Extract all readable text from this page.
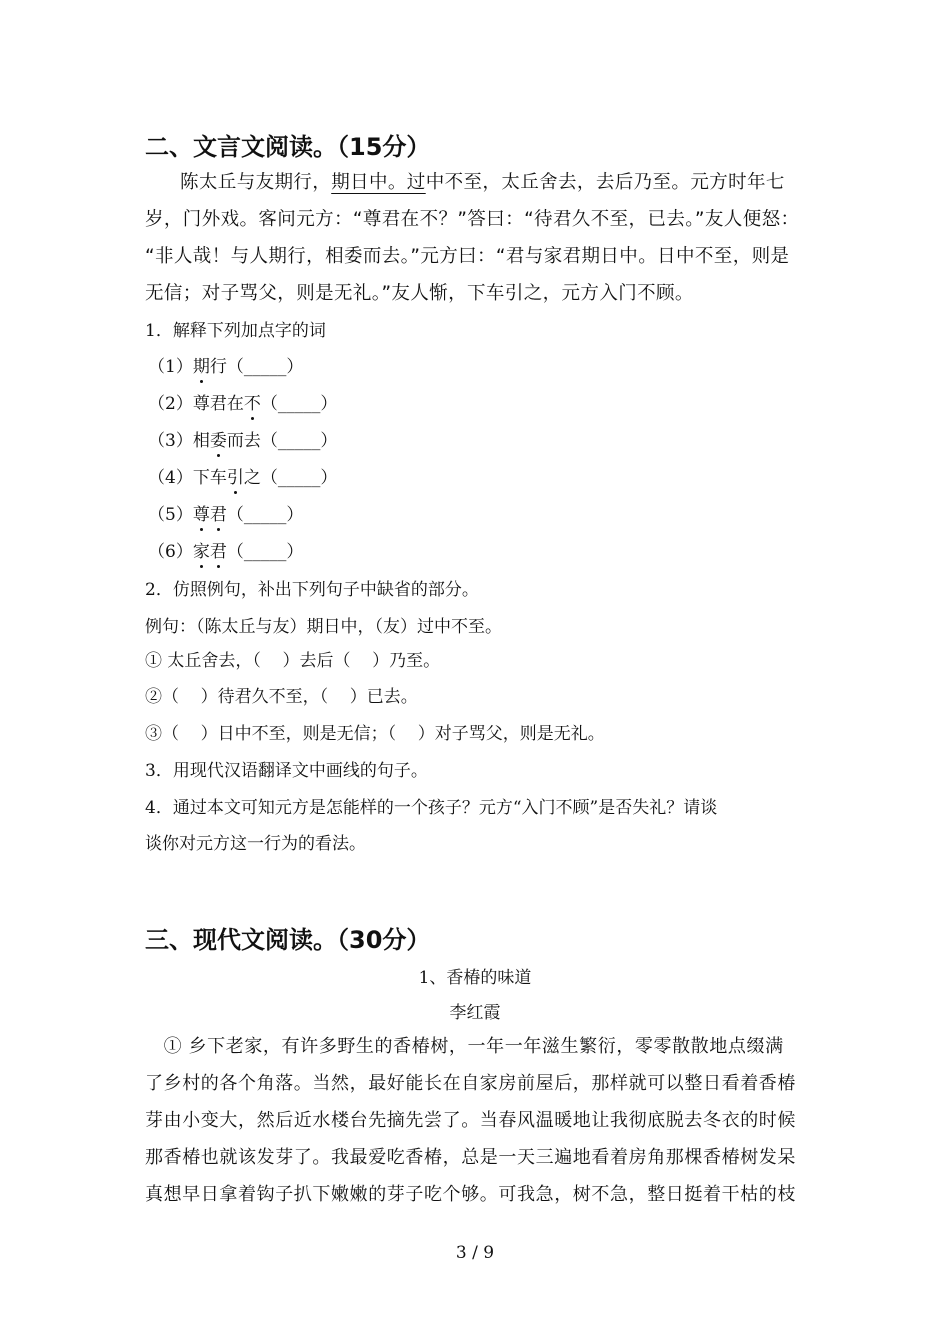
二、文言文阅读。（15分）
陈太丘与友期行，期日中。过中不至，太丘舍去，去后乃至。元方时年七
岁，门外戏。客问元方：“尊君在不？”答曰：“待君久不至，已去。”友人便怒：
“非人哉！与人期行，相委而去。”元方曰：“君与家君期日中。日中不至，则是
无信；对子骂父，则是无礼。”友人惭，下车引之，元方入门不顾。
1．解释下列加点字的词
（1）期行（_____）
（2）尊君在不（_____）
（3）相委而去（_____）
（4）下车引之（_____）
（5）尊君（_____）
（6）家君（_____）
2．仿照例句，补出下列句子中缺省的部分。
例句：（陈太丘与友）期日中，（友）过中不至。
① 太丘舍去，（    ）去后（    ）乃至。
②（    ）待君久不至，（    ）已去。
③（    ）日中不至，则是无信；（    ）对子骂父，则是无礼。
3．用现代汉语翻译文中画线的句子。
4．通过本文可知元方是怎能样的一个孩子？元方“入门不顾”是否失礼？请谈
谈你对元方这一行为的看法。
三、现代文阅读。（30分）
1、香椿的味道
李红霞
　① 乡下老家，有许多野生的香椿树，一年一年滋生繁衍，零零散散地点缀满
了乡村的各个角落。当然，最好能长在自家房前屋后，那样就可以整日看着香椿
芽由小变大，然后近水楼台先摘先尝了。当春风温暖地让我彻底脱去冬衣的时候
那香椿也就该发芽了。我最爱吃香椿，总是一天三遍地看着房角那棵香椿树发呆
真想早日拿着钩子扒下嫩嫩的芽子吃个够。可我急，树不急，整日挺着干枯的枝
3 / 9
